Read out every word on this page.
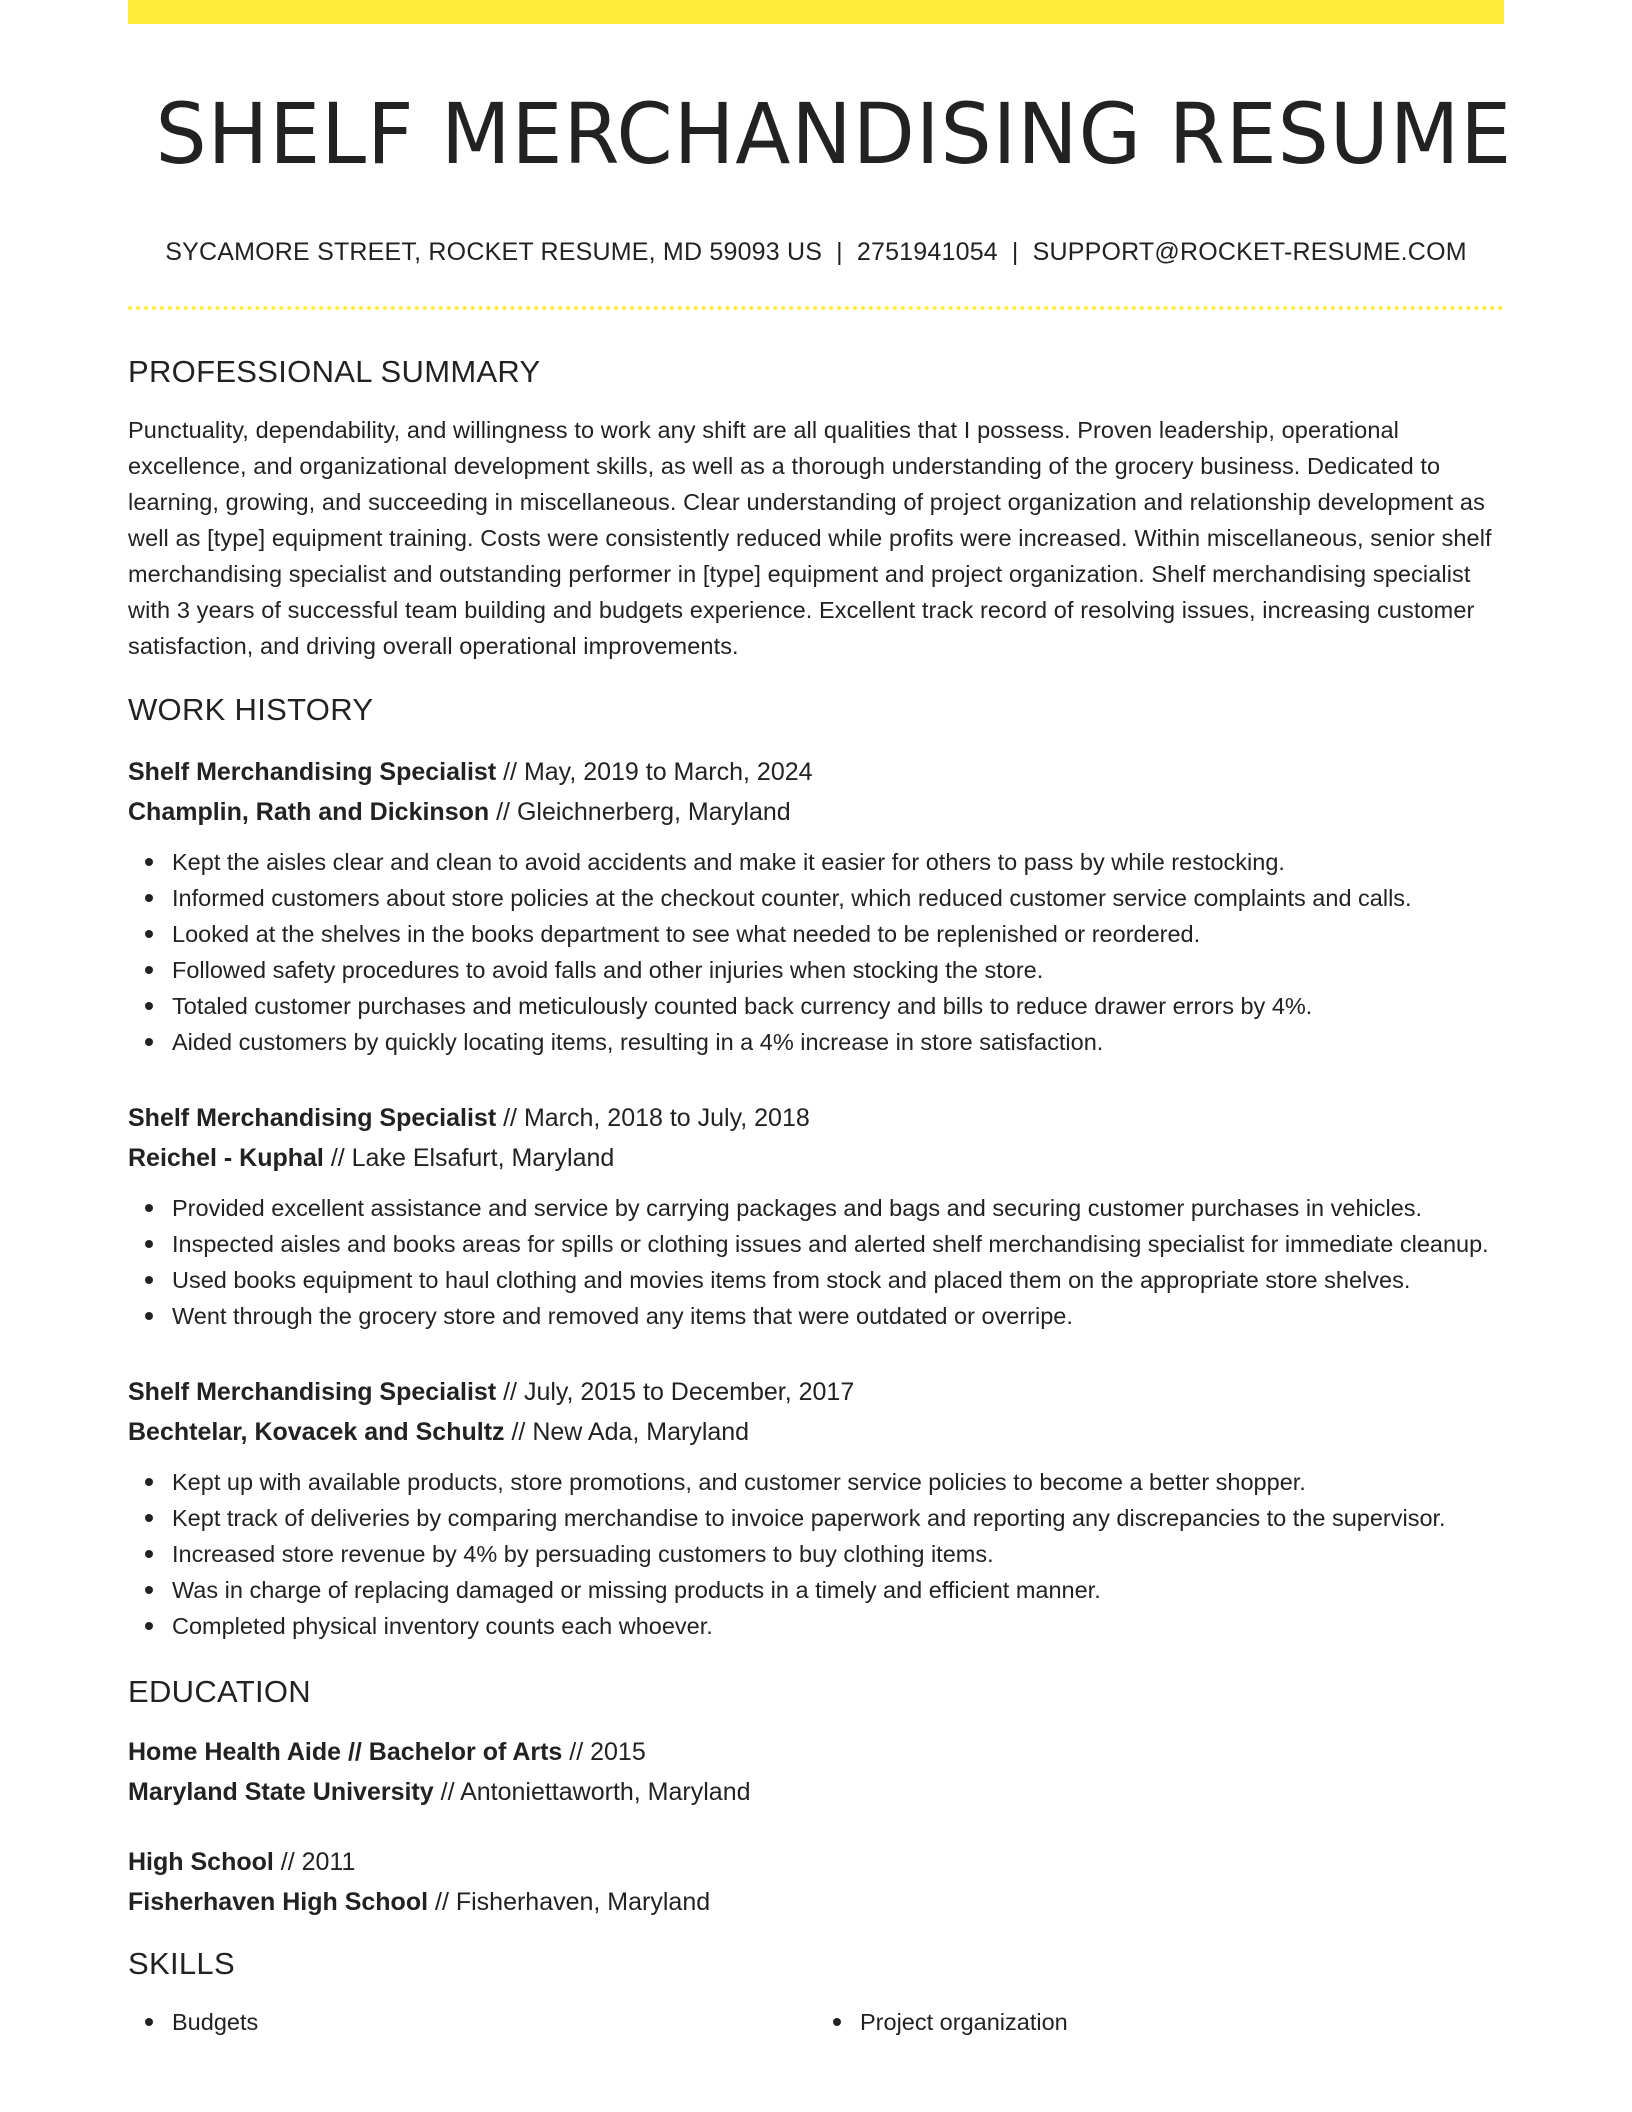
SHELF MERCHANDISING RESUME
SYCAMORE STREET, ROCKET RESUME, MD 59093 US | 2751941054 | SUPPORT@ROCKET-RESUME.COM
PROFESSIONAL SUMMARY
Punctuality, dependability, and willingness to work any shift are all qualities that I possess. Proven leadership, operational excellence, and organizational development skills, as well as a thorough understanding of the grocery business. Dedicated to learning, growing, and succeeding in miscellaneous. Clear understanding of project organization and relationship development as well as [type] equipment training. Costs were consistently reduced while profits were increased. Within miscellaneous, senior shelf merchandising specialist and outstanding performer in [type] equipment and project organization. Shelf merchandising specialist with 3 years of successful team building and budgets experience. Excellent track record of resolving issues, increasing customer satisfaction, and driving overall operational improvements.
WORK HISTORY
Shelf Merchandising Specialist // May, 2019 to March, 2024
Champlin, Rath and Dickinson // Gleichnerberg, Maryland
Kept the aisles clear and clean to avoid accidents and make it easier for others to pass by while restocking.
Informed customers about store policies at the checkout counter, which reduced customer service complaints and calls.
Looked at the shelves in the books department to see what needed to be replenished or reordered.
Followed safety procedures to avoid falls and other injuries when stocking the store.
Totaled customer purchases and meticulously counted back currency and bills to reduce drawer errors by 4%.
Aided customers by quickly locating items, resulting in a 4% increase in store satisfaction.
Shelf Merchandising Specialist // March, 2018 to July, 2018
Reichel - Kuphal // Lake Elsafurt, Maryland
Provided excellent assistance and service by carrying packages and bags and securing customer purchases in vehicles.
Inspected aisles and books areas for spills or clothing issues and alerted shelf merchandising specialist for immediate cleanup.
Used books equipment to haul clothing and movies items from stock and placed them on the appropriate store shelves.
Went through the grocery store and removed any items that were outdated or overripe.
Shelf Merchandising Specialist // July, 2015 to December, 2017
Bechtelar, Kovacek and Schultz // New Ada, Maryland
Kept up with available products, store promotions, and customer service policies to become a better shopper.
Kept track of deliveries by comparing merchandise to invoice paperwork and reporting any discrepancies to the supervisor.
Increased store revenue by 4% by persuading customers to buy clothing items.
Was in charge of replacing damaged or missing products in a timely and efficient manner.
Completed physical inventory counts each whoever.
EDUCATION
Home Health Aide // Bachelor of Arts // 2015
Maryland State University // Antoniettaworth, Maryland
High School // 2011
Fisherhaven High School // Fisherhaven, Maryland
SKILLS
Budgets	Project organization
